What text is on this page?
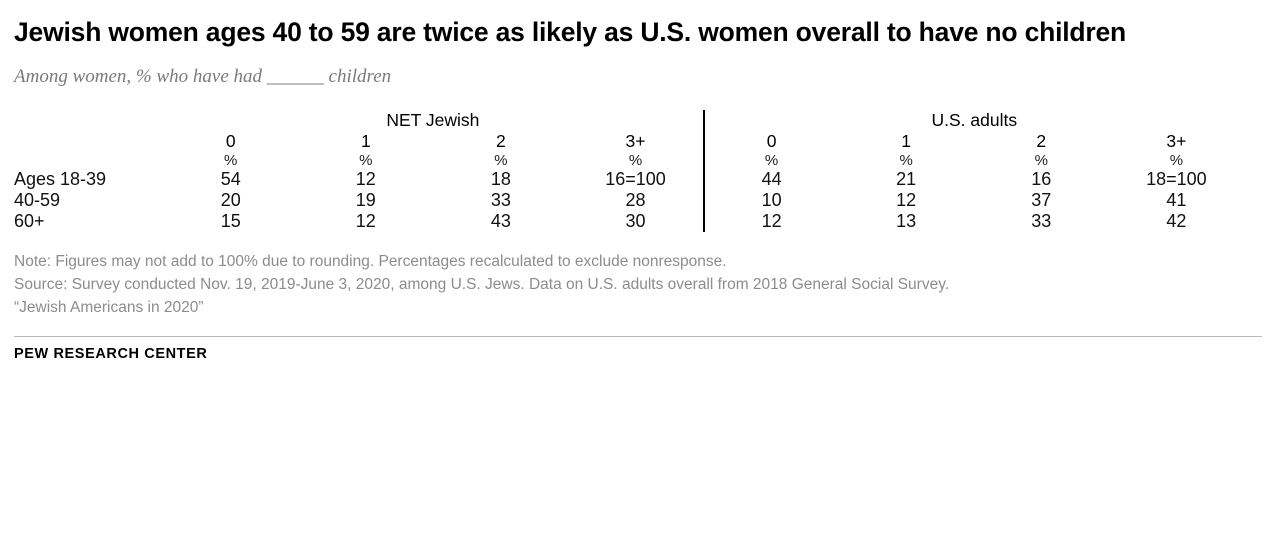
Jewish women ages 40 to 59 are twice as likely as U.S. women overall to have no children
Among women, % who have had ______ children
	NET Jewish				U.S. adults			
	0	1	2	3+	0	1	2	3+
	%	%	%	%	%	%	%	%
Ages 18-39	54	12	18	16=100	44	21	16	18=100
40-59	20	19	33	28	10	12	37	41
60+	15	12	43	30	12	13	33	42
Note: Figures may not add to 100% due to rounding. Percentages recalculated to exclude nonresponse.
Source: Survey conducted Nov. 19, 2019-June 3, 2020, among U.S. Jews. Data on U.S. adults overall from 2018 General Social Survey.
“Jewish Americans in 2020”
PEW RESEARCH CENTER
